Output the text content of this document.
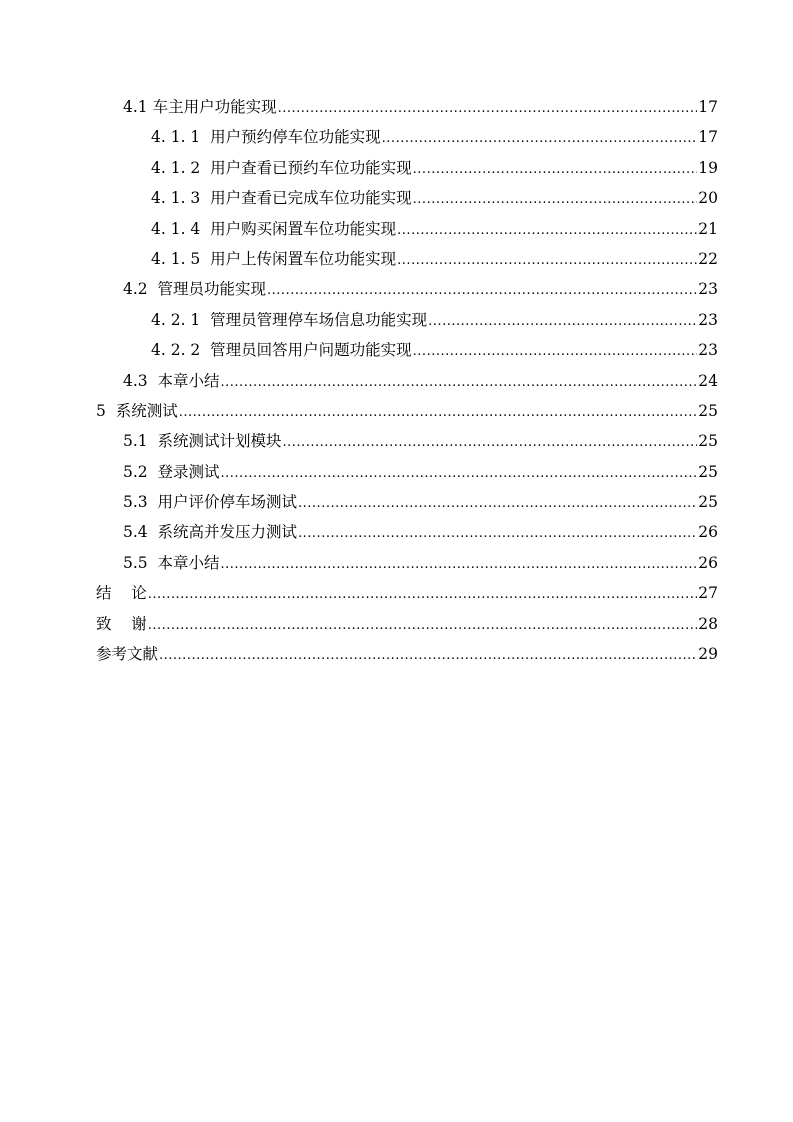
4.1 车主用户功能实现 .....	17
4. 1. 1 用户预约停车位功能实现 .....	17
4. 1. 2 用户查看已预约车位功能实现 .....	19
4. 1. 3 用户查看已完成车位功能实现 .....	20
4. 1. 4 用户购买闲置车位功能实现 .....	21
4. 1. 5 用户上传闲置车位功能实现 .....	22
4.2 管理员功能实现 .....	23
4. 2. 1 管理员管理停车场信息功能实现 .....	23
4. 2. 2 管理员回答用户问题功能实现 .....	23
4.3 本章小结 .....	24
5 系统测试 .....	25
5.1 系统测试计划模块 .....	25
5.2 登录测试 .....	25
5.3 用户评价停车场测试 .....	25
5.4 系统高并发压力测试 .....	26
5.5 本章小结 .....	26
结    论 .....	27
致    谢 .....	28
参考文献 .....	29
